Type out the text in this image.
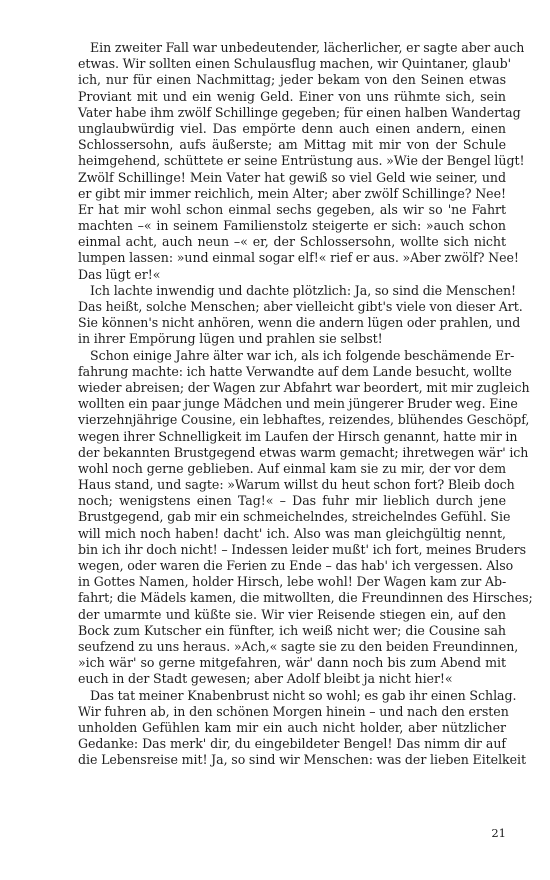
Ein zweiter Fall war unbedeutender, lächerlicher, er sagte aber auch
etwas. Wir sollten einen Schulausflug machen, wir Quintaner, glaub'
ich, nur für einen Nachmittag; jeder bekam von den Seinen etwas
Proviant mit und ein wenig Geld. Einer von uns rühmte sich, sein
Vater habe ihm zwölf Schillinge gegeben; für einen halben Wandertag
unglaubwürdig viel. Das empörte denn auch einen andern, einen
Schlossersohn, aufs äußerste; am Mittag mit mir von der Schule
heimgehend, schüttete er seine Entrüstung aus. »Wie der Bengel lügt!
Zwölf Schillinge! Mein Vater hat gewiß so viel Geld wie seiner, und
er gibt mir immer reichlich, mein Alter; aber zwölf Schillinge? Nee!
Er hat mir wohl schon einmal sechs gegeben, als wir so 'ne Fahrt
machten –« in seinem Familienstolz steigerte er sich: »auch schon
einmal acht, auch neun –« er, der Schlossersohn, wollte sich nicht
lumpen lassen: »und einmal sogar elf!« rief er aus. »Aber zwölf? Nee!
Das lügt er!«
Ich lachte inwendig und dachte plötzlich: Ja, so sind die Menschen!
Das heißt, solche Menschen; aber vielleicht gibt's viele von dieser Art.
Sie können's nicht anhören, wenn die andern lügen oder prahlen, und
in ihrer Empörung lügen und prahlen sie selbst!
Schon einige Jahre älter war ich, als ich folgende beschämende Er-
fahrung machte: ich hatte Verwandte auf dem Lande besucht, wollte
wieder abreisen; der Wagen zur Abfahrt war beordert, mit mir zugleich
wollten ein paar junge Mädchen und mein jüngerer Bruder weg. Eine
vierzehnjährige Cousine, ein lebhaftes, reizendes, blühendes Geschöpf,
wegen ihrer Schnelligkeit im Laufen der Hirsch genannt, hatte mir in
der bekannten Brustgegend etwas warm gemacht; ihretwegen wär' ich
wohl noch gerne geblieben. Auf einmal kam sie zu mir, der vor dem
Haus stand, und sagte: »Warum willst du heut schon fort? Bleib doch
noch; wenigstens einen Tag!« – Das fuhr mir lieblich durch jene
Brustgegend, gab mir ein schmeichelndes, streichelndes Gefühl. Sie
will mich noch haben! dacht' ich. Also was man gleichgültig nennt,
bin ich ihr doch nicht! – Indessen leider mußt' ich fort, meines Bruders
wegen, oder waren die Ferien zu Ende – das hab' ich vergessen. Also
in Gottes Namen, holder Hirsch, lebe wohl! Der Wagen kam zur Ab-
fahrt; die Mädels kamen, die mitwollten, die Freundinnen des Hirsches;
der umarmte und küßte sie. Wir vier Reisende stiegen ein, auf den
Bock zum Kutscher ein fünfter, ich weiß nicht wer; die Cousine sah
seufzend zu uns heraus. »Ach,« sagte sie zu den beiden Freundinnen,
»ich wär' so gerne mitgefahren, wär' dann noch bis zum Abend mit
euch in der Stadt gewesen; aber Adolf bleibt ja nicht hier!«
Das tat meiner Knabenbrust nicht so wohl; es gab ihr einen Schlag.
Wir fuhren ab, in den schönen Morgen hinein – und nach den ersten
unholden Gefühlen kam mir ein auch nicht holder, aber nützlicher
Gedanke: Das merk' dir, du eingebildeter Bengel! Das nimm dir auf
die Lebensreise mit! Ja, so sind wir Menschen: was der lieben Eitelkeit
21
